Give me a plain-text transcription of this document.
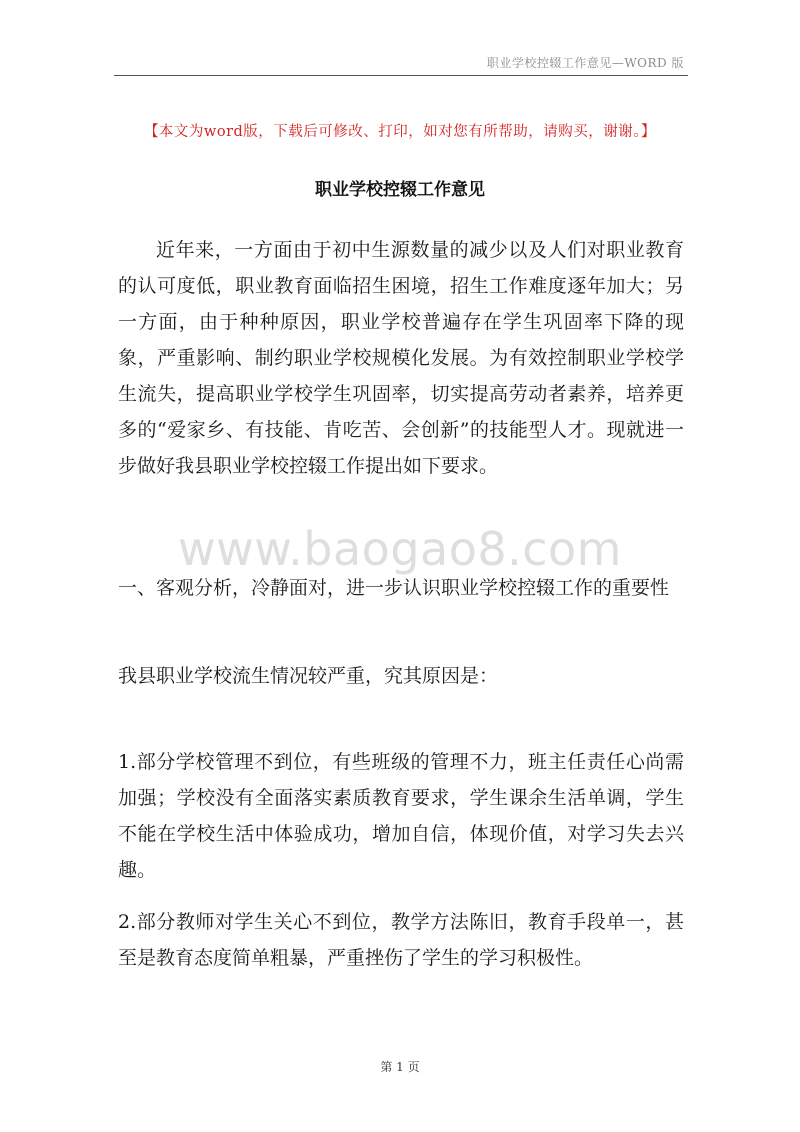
职业学校控辍工作意见—WORD 版
【本文为word版，下载后可修改、打印，如对您有所帮助，请购买，谢谢。】
职业学校控辍工作意见
近年来，一方面由于初中生源数量的减少以及人们对职业教育的认可度低，职业教育面临招生困境，招生工作难度逐年加大；另一方面，由于种种原因，职业学校普遍存在学生巩固率下降的现象，严重影响、制约职业学校规模化发展。为有效控制职业学校学生流失，提高职业学校学生巩固率，切实提高劳动者素养，培养更多的“爱家乡、有技能、肯吃苦、会创新”的技能型人才。现就进一步做好我县职业学校控辍工作提出如下要求。
www.baogao8.com
一、客观分析，冷静面对，进一步认识职业学校控辍工作的重要性
我县职业学校流生情况较严重，究其原因是：
1.部分学校管理不到位，有些班级的管理不力，班主任责任心尚需加强；学校没有全面落实素质教育要求，学生课余生活单调，学生不能在学校生活中体验成功，增加自信，体现价值，对学习失去兴趣。
2.部分教师对学生关心不到位，教学方法陈旧，教育手段单一，甚至是教育态度简单粗暴，严重挫伤了学生的学习积极性。
第 1 页
